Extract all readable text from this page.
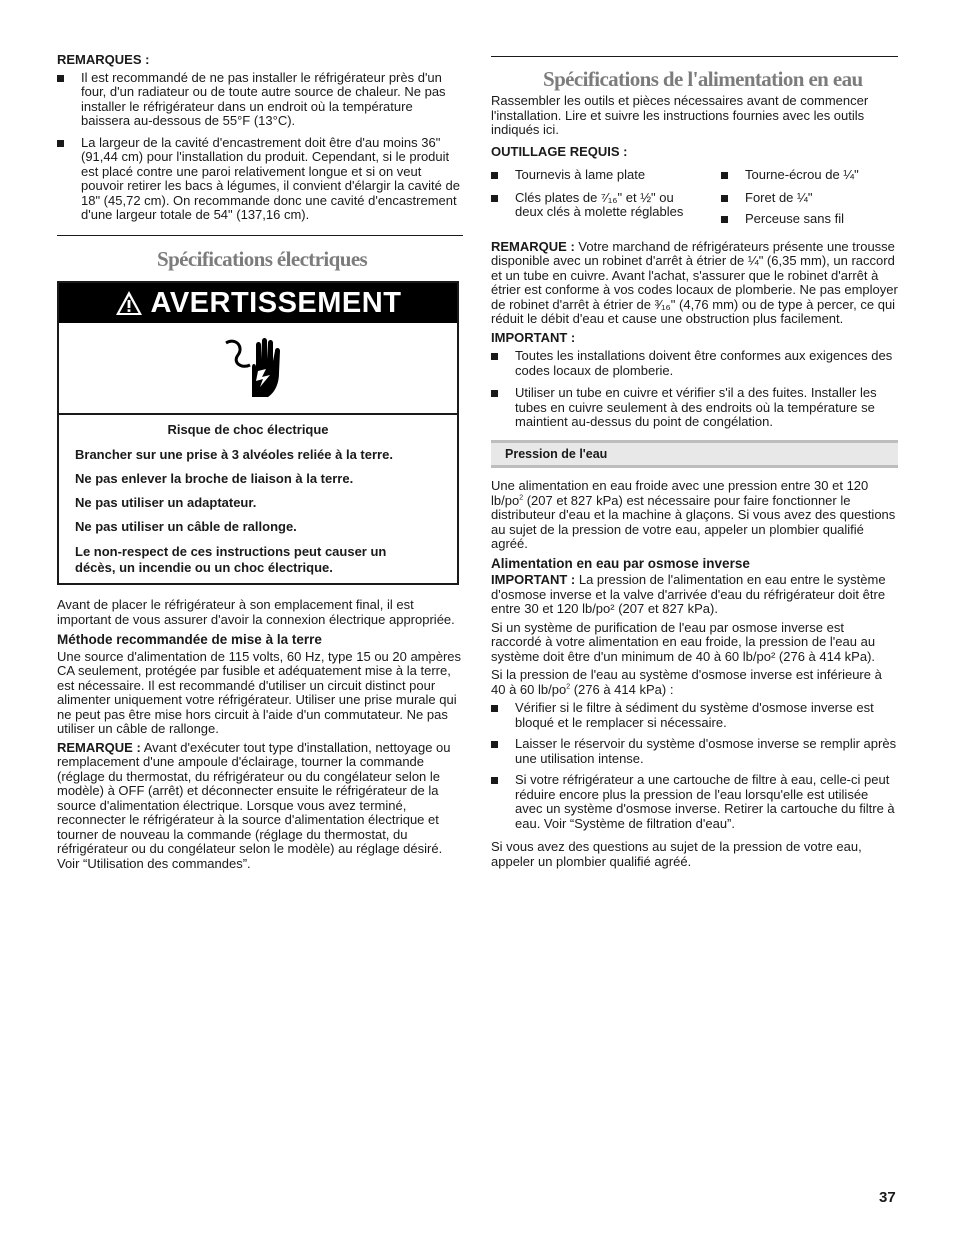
REMARQUES :

Il est recommandé de ne pas installer le réfrigérateur près d'un four, d'un radiateur ou de toute autre source de chaleur. Ne pas installer le réfrigérateur dans un endroit où la température baissera au-dessous de 55°F (13°C).
La largeur de la cavité d'encastrement doit être d'au moins 36" (91,44 cm) pour l'installation du produit. Cependant, si le produit est placé contre une paroi relativement longue et si on veut pouvoir retirer les bacs à légumes, il convient d'élargir la cavité de 18" (45,72 cm). On recommande donc une cavité d'encastrement d'une largeur totale de 54" (137,16 cm).
Spécifications électriques
AVERTISSEMENT

Risque de choc électrique

Brancher sur une prise à 3 alvéoles reliée à la terre.

Ne pas enlever la broche de liaison à la terre.

Ne pas utiliser un adaptateur.

Ne pas utiliser un câble de rallonge.

Le non-respect de ces instructions peut causer un décès, un incendie ou un choc électrique.

Avant de placer le réfrigérateur à son emplacement final, il est important de vous assurer d'avoir la connexion électrique appropriée.

Méthode recommandée de mise à la terre

Une source d'alimentation de 115 volts, 60 Hz, type 15 ou 20 ampères CA seulement, protégée par fusible et adéquatement mise à la terre, est nécessaire. Il est recommandé d'utiliser un circuit distinct pour alimenter uniquement votre réfrigérateur. Utiliser une prise murale qui ne peut pas être mise hors circuit à l'aide d'un commutateur. Ne pas utiliser un câble de rallonge.

REMARQUE : Avant d'exécuter tout type d'installation, nettoyage ou remplacement d'une ampoule d'éclairage, tourner la commande (réglage du thermostat, du réfrigérateur ou du congélateur selon le modèle) à OFF (arrêt) et déconnecter ensuite le réfrigérateur de la source d'alimentation électrique. Lorsque vous avez terminé, reconnecter le réfrigérateur à la source d'alimentation électrique et tourner de nouveau la commande (réglage du thermostat, du réfrigérateur ou du congélateur selon le modèle) au réglage désiré. Voir “Utilisation des commandes”.

Spécifications de l'alimentation en eau

Rassembler les outils et pièces nécessaires avant de commencer l'installation. Lire et suivre les instructions fournies avec les outils indiqués ici.

OUTILLAGE REQUIS :

Tournevis à lame plate
Clés plates de ⁷⁄₁₆" et ½" ou deux clés à molette réglables
Tourne-écrou de ¼"
Foret de ¼"
Perceuse sans fil

REMARQUE : Votre marchand de réfrigérateurs présente une trousse disponible avec un robinet d'arrêt à étrier de ¼" (6,35 mm), un raccord et un tube en cuivre. Avant l'achat, s'assurer que le robinet d'arrêt à étrier est conforme à vos codes locaux de plomberie. Ne pas employer de robinet d'arrêt à étrier de ³⁄₁₆" (4,76 mm) ou de type à percer, ce qui réduit le débit d'eau et cause une obstruction plus facilement.

IMPORTANT :

Toutes les installations doivent être conformes aux exigences des codes locaux de plomberie.
Utiliser un tube en cuivre et vérifier s'il a des fuites. Installer les tubes en cuivre seulement à des endroits où la température se maintient au-dessus du point de congélation.
Pression de l'eau

Une alimentation en eau froide avec une pression entre 30 et 120 $lb/po^2$ (207 et 827 kPa) est nécessaire pour faire fonctionner le distributeur d'eau et la machine à glaçons. Si vous avez des questions au sujet de la pression de votre eau, appeler un plombier qualifié agréé.

Alimentation en eau par osmose inverse

IMPORTANT : La pression de l'alimentation en eau entre le système d'osmose inverse et la valve d'arrivée d'eau du réfrigérateur doit être entre 30 et 120 lb/po² (207 et 827 kPa).

Si un système de purification de l'eau par osmose inverse est raccordé à votre alimentation en eau froide, la pression de l'eau au système doit être d'un minimum de 40 à 60 lb/po² (276 à 414 kPa).

Si la pression de l'eau au système d'osmose inverse est inférieure à 40 à 60 $lb/po^2$ (276 à 414 kPa) :

Vérifier si le filtre à sédiment du système d'osmose inverse est bloqué et le remplacer si nécessaire.
Laisser le réservoir du système d'osmose inverse se remplir après une utilisation intense.
Si votre réfrigérateur a une cartouche de filtre à eau, celle-ci peut réduire encore plus la pression de l'eau lorsqu'elle est utilisée avec un système d'osmose inverse. Retirer la cartouche du filtre à eau. Voir “Système de filtration d'eau”.

Si vous avez des questions au sujet de la pression de votre eau, appeler un plombier qualifié agréé.

37
